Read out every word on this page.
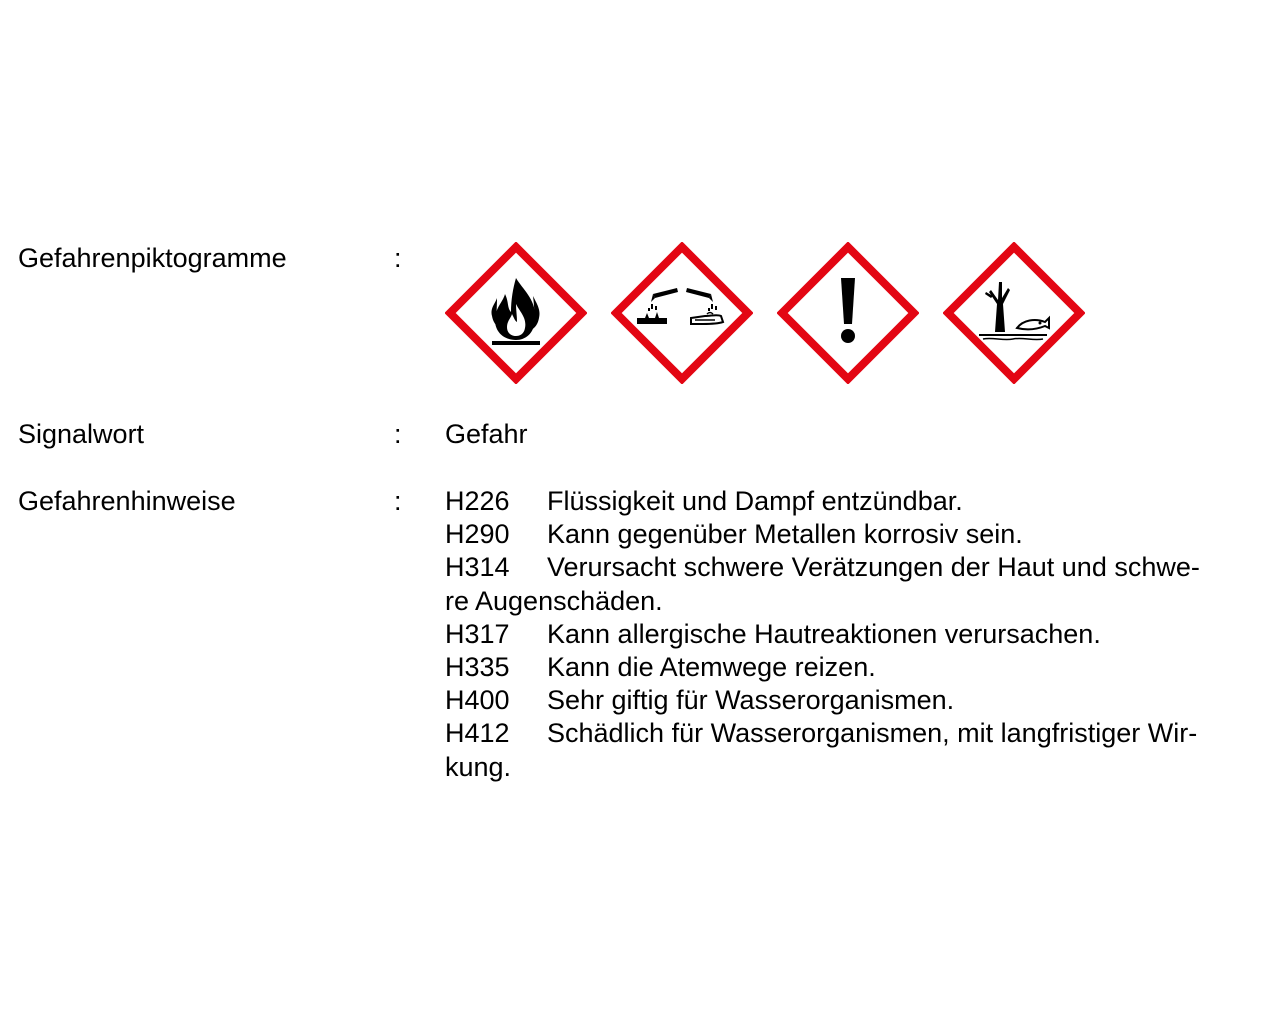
Gefahrenpiktogramme	:
Signalwort	: Gefahr
Gefahrenhinweise	: H226	Flüssigkeit und Dampf entzündbar.
H290	Kann gegenüber Metallen korrosiv sein.
H314	Verursacht schwere Verätzungen der Haut und schwe-
re Augenschäden.
H317	Kann allergische Hautreaktionen verursachen.
H335	Kann die Atemwege reizen.
H400	Sehr giftig für Wasserorganismen.
H412	Schädlich für Wasserorganismen, mit langfristiger Wir-
kung.
